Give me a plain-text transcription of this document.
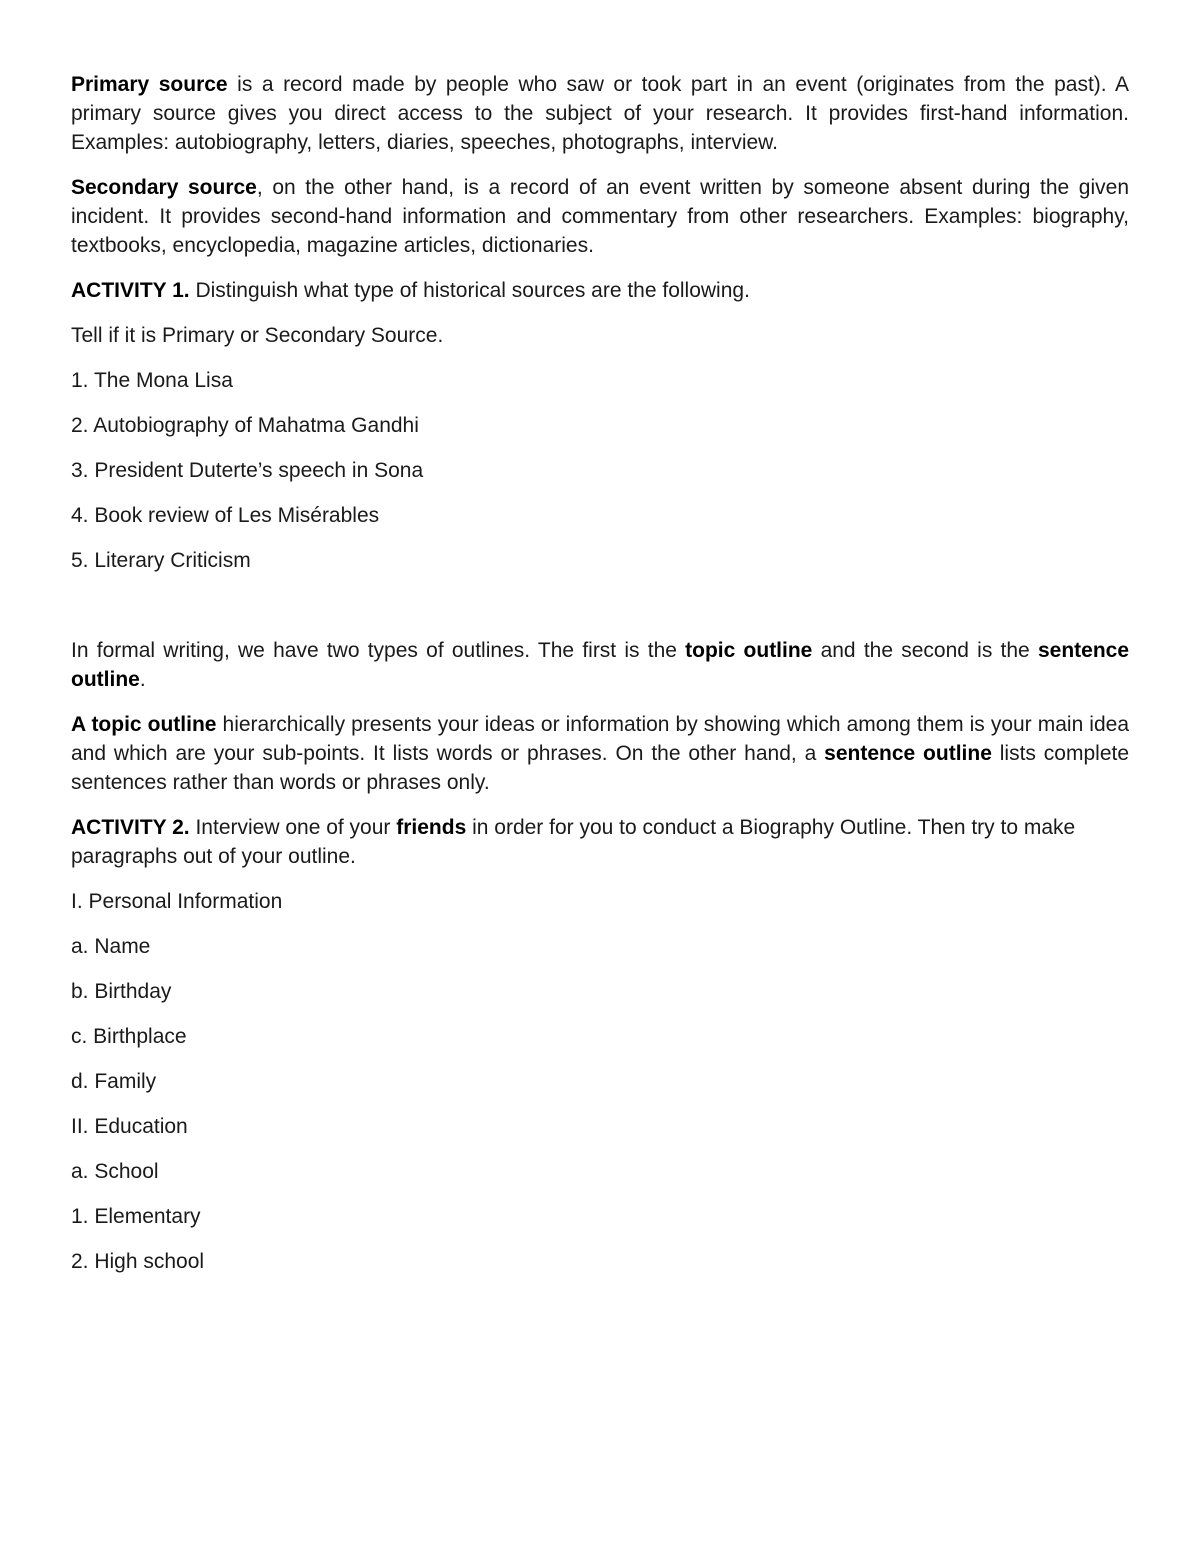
Primary source is a record made by people who saw or took part in an event (originates from the past). A primary source gives you direct access to the subject of your research. It provides first-hand information. Examples: autobiography, letters, diaries, speeches, photographs, interview.

Secondary source, on the other hand, is a record of an event written by someone absent during the given incident. It provides second-hand information and commentary from other researchers. Examples: biography, textbooks, encyclopedia, magazine articles, dictionaries.

ACTIVITY 1. Distinguish what type of historical sources are the following.

Tell if it is Primary or Secondary Source.

1. The Mona Lisa

2. Autobiography of Mahatma Gandhi

3. President Duterte’s speech in Sona

4. Book review of Les Misérables

5. Literary Criticism

In formal writing, we have two types of outlines. The first is the topic outline and the second is the sentence outline.

A topic outline hierarchically presents your ideas or information by showing which among them is your main idea and which are your sub-points. It lists words or phrases. On the other hand, a sentence outline lists complete sentences rather than words or phrases only.

ACTIVITY 2. Interview one of your friends in order for you to conduct a Biography Outline. Then try to make paragraphs out of your outline.

I. Personal Information

a. Name

b. Birthday

c. Birthplace

d. Family

II. Education

a. School

1. Elementary

2. High school
